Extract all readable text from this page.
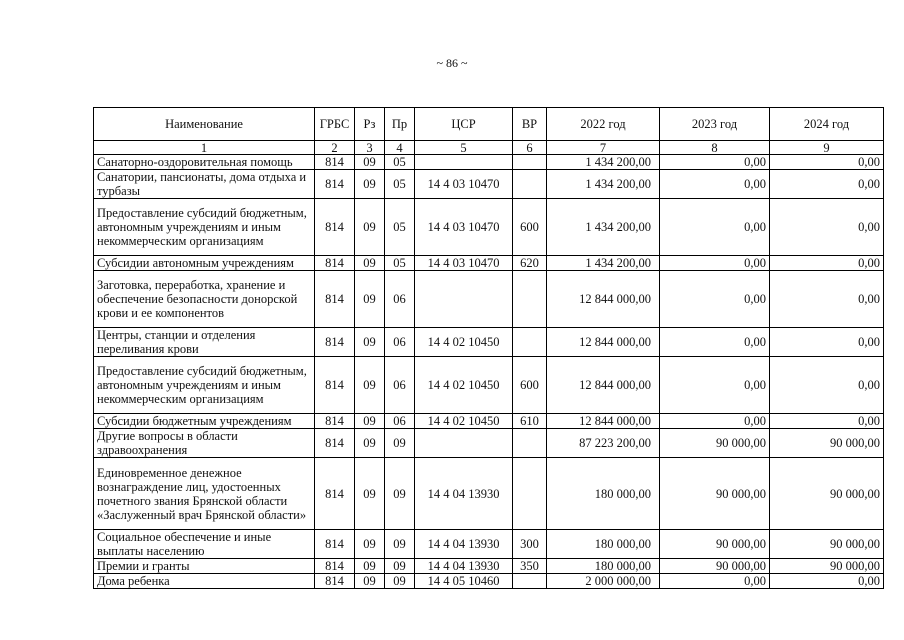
~ 86 ~
Наименование	ГРБС	Рз	Пр	ЦСР	ВР	2022 год	2023 год	2024 год
1	2	3	4	5	6	7	8	9
Санаторно-оздоровительная помощь	814	09	05			1 434 200,00	0,00	0,00
Санатории, пансионаты, дома отдыха и турбазы	814	09	05	14 4 03 10470		1 434 200,00	0,00	0,00
Предоставление субсидий бюджетным, автономным учреждениям и иным некоммерческим организациям	814	09	05	14 4 03 10470	600	1 434 200,00	0,00	0,00
Субсидии автономным учреждениям	814	09	05	14 4 03 10470	620	1 434 200,00	0,00	0,00
Заготовка, переработка, хранение и обеспечение безопасности донорской крови и ее компонентов	814	09	06			12 844 000,00	0,00	0,00
Центры, станции и отделения переливания крови	814	09	06	14 4 02 10450		12 844 000,00	0,00	0,00
Предоставление субсидий бюджетным, автономным учреждениям и иным некоммерческим организациям	814	09	06	14 4 02 10450	600	12 844 000,00	0,00	0,00
Субсидии бюджетным учреждениям	814	09	06	14 4 02 10450	610	12 844 000,00	0,00	0,00
Другие вопросы в области здравоохранения	814	09	09			87 223 200,00	90 000,00	90 000,00
Единовременное денежное вознаграждение лиц, удостоенных почетного звания Брянской области «Заслуженный врач Брянской области»	814	09	09	14 4 04 13930		180 000,00	90 000,00	90 000,00
Социальное обеспечение и иные выплаты населению	814	09	09	14 4 04 13930	300	180 000,00	90 000,00	90 000,00
Премии и гранты	814	09	09	14 4 04 13930	350	180 000,00	90 000,00	90 000,00
Дома ребенка	814	09	09	14 4 05 10460		2 000 000,00	0,00	0,00
